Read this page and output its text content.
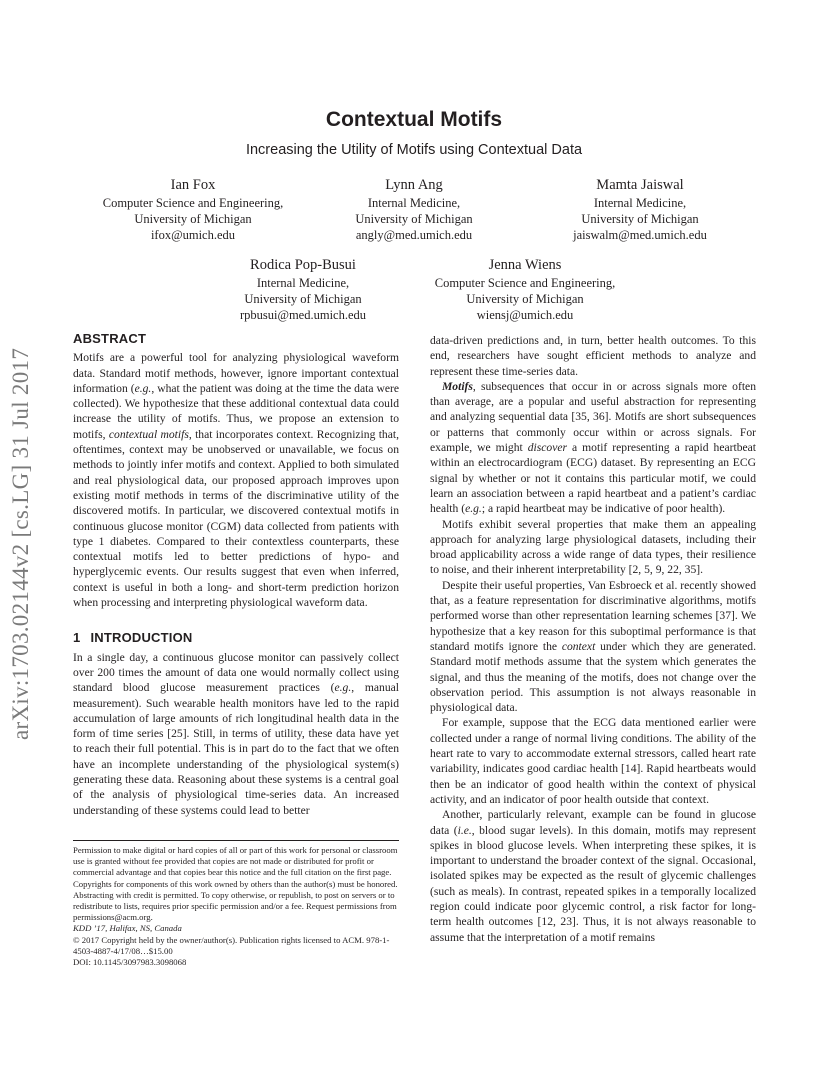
arXiv:1703.02144v2 [cs.LG] 31 Jul 2017
Contextual Motifs
Increasing the Utility of Motifs using Contextual Data
Ian Fox
Computer Science and Engineering,
University of Michigan
ifox@umich.edu
Lynn Ang
Internal Medicine,
University of Michigan
angly@med.umich.edu
Mamta Jaiswal
Internal Medicine,
University of Michigan
jaiswalm@med.umich.edu
Rodica Pop-Busui
Internal Medicine,
University of Michigan
rpbusui@med.umich.edu
Jenna Wiens
Computer Science and Engineering,
University of Michigan
wiensj@umich.edu
ABSTRACT

Motifs are a powerful tool for analyzing physiological waveform data. Standard motif methods, however, ignore important contextual information (e.g., what the patient was doing at the time the data were collected). We hypothesize that these additional contextual data could increase the utility of motifs. Thus, we propose an extension to motifs, contextual motifs, that incorporates context. Recognizing that, oftentimes, context may be unobserved or unavailable, we focus on methods to jointly infer motifs and context. Applied to both simulated and real physiological data, our proposed approach improves upon existing motif methods in terms of the discriminative utility of the discovered motifs. In particular, we discovered contextual motifs in continuous glucose monitor (CGM) data collected from patients with type 1 diabetes. Compared to their contextless counterparts, these contextual motifs led to better predictions of hypo- and hyperglycemic events. Our results suggest that even when inferred, context is useful in both a long- and short-term prediction horizon when processing and interpreting physiological waveform data.

1 INTRODUCTION

In a single day, a continuous glucose monitor can passively collect over 200 times the amount of data one would normally collect using standard blood glucose measurement practices (e.g., manual measurement). Such wearable health monitors have led to the rapid accumulation of large amounts of rich longitudinal health data in the form of time series [25]. Still, in terms of utility, these data have yet to reach their full potential. This is in part do to the fact that we often have an incomplete understanding of the physiological system(s) generating these data. Reasoning about these systems is a central goal of the analysis of physiological time-series data. An increased understanding of these systems could lead to better

data-driven predictions and, in turn, better health outcomes. To this end, researchers have sought efficient methods to analyze and represent these time-series data.

Motifs, subsequences that occur in or across signals more often than average, are a popular and useful abstraction for representing and analyzing sequential data [35, 36]. Motifs are short subsequences or patterns that commonly occur within or across signals. For example, we might discover a motif representing a rapid heartbeat within an electrocardiogram (ECG) dataset. By representing an ECG signal by whether or not it contains this particular motif, we could learn an association between a rapid heartbeat and a patient’s cardiac health (e.g.; a rapid heartbeat may be indicative of poor health).

Motifs exhibit several properties that make them an appealing approach for analyzing large physiological datasets, including their broad applicability across a wide range of data types, their resilience to noise, and their inherent interpretability [2, 5, 9, 22, 35].

Despite their useful properties, Van Esbroeck et al. recently showed that, as a feature representation for discriminative algorithms, motifs performed worse than other representation learning schemes [37]. We hypothesize that a key reason for this suboptimal performance is that standard motifs ignore the context under which they are generated. Standard motif methods assume that the system which generates the signal, and thus the meaning of the motifs, does not change over the observation period. This assumption is not always reasonable in physiological data.

For example, suppose that the ECG data mentioned earlier were collected under a range of normal living conditions. The ability of the heart rate to vary to accommodate external stressors, called heart rate variability, indicates good cardiac health [14]. Rapid heartbeats would then be an indicator of good health within the context of physical activity, and an indicator of poor health outside that context.

Another, particularly relevant, example can be found in glucose data (i.e., blood sugar levels). In this domain, motifs may represent spikes in blood glucose levels. When interpreting these spikes, it is important to understand the broader context of the signal. Occasional, isolated spikes may be expected as the result of glycemic challenges (such as meals). In contrast, repeated spikes in a temporally localized region could indicate poor glycemic control, a risk factor for long-term health outcomes [12, 23]. Thus, it is not always reasonable to assume that the interpretation of a motif remains

Permission to make digital or hard copies of all or part of this work for personal or classroom use is granted without fee provided that copies are not made or distributed for profit or commercial advantage and that copies bear this notice and the full citation on the first page. Copyrights for components of this work owned by others than the author(s) must be honored. Abstracting with credit is permitted. To copy otherwise, or republish, to post on servers or to redistribute to lists, requires prior specific permission and/or a fee. Request permissions from permissions@acm.org.

KDD ’17, Halifax, NS, Canada

© 2017 Copyright held by the owner/author(s). Publication rights licensed to ACM. 978-1-4503-4887-4/17/08…$15.00

DOI: 10.1145/3097983.3098068
